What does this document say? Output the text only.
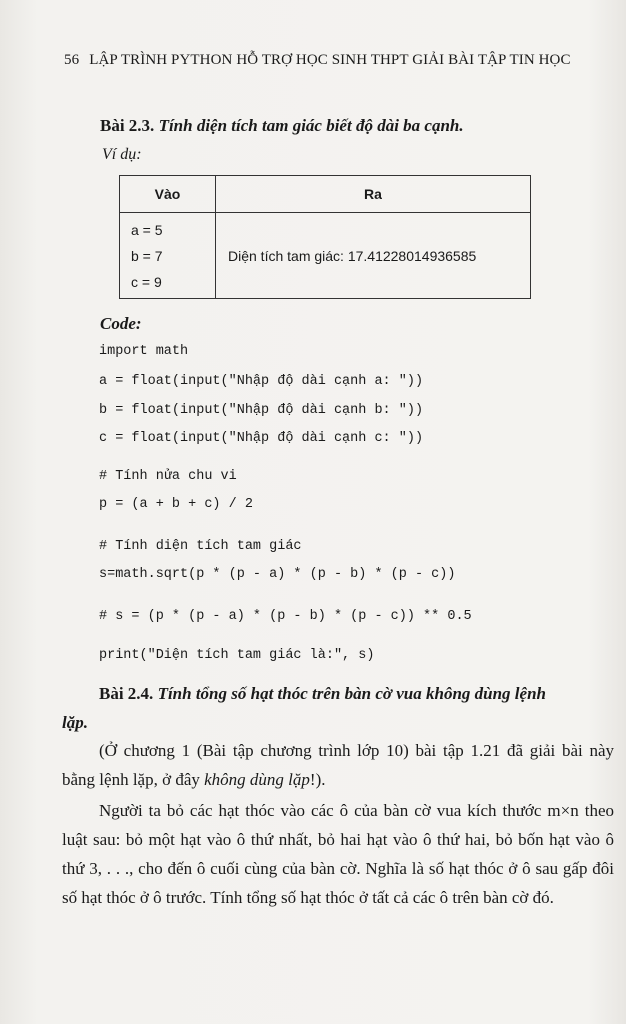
56 LẬP TRÌNH PYTHON HỖ TRỢ HỌC SINH THPT GIẢI BÀI TẬP TIN HỌC
Bài 2.3. Tính diện tích tam giác biết độ dài ba cạnh.
Ví dụ:
Vào	Ra

a = 5
b = 7
c = 9	Diện tích tam giác: 17.41228014936585
Code:
import math
a = float(input("Nhập độ dài cạnh a: "))
b = float(input("Nhập độ dài cạnh b: "))
c = float(input("Nhập độ dài cạnh c: "))
# Tính nửa chu vi
p = (a + b + c) / 2
# Tính diện tích tam giác
s=math.sqrt(p * (p - a) * (p - b) * (p - c))
# s = (p * (p - a) * (p - b) * (p - c)) ** 0.5
print("Diện tích tam giác là:", s)
Bài 2.4. Tính tổng số hạt thóc trên bàn cờ vua không dùng lệnh
lặp.
(Ở chương 1 (Bài tập chương trình lớp 10) bài tập 1.21 đã giải bài này bằng lệnh lặp, ở đây không dùng lặp!).
Người ta bỏ các hạt thóc vào các ô của bàn cờ vua kích thước m×n theo luật sau: bỏ một hạt vào ô thứ nhất, bỏ hai hạt vào ô thứ hai, bỏ bốn hạt vào ô thứ 3, . . ., cho đến ô cuối cùng của bàn cờ. Nghĩa là số hạt thóc ở ô sau gấp đôi số hạt thóc ở ô trước. Tính tổng số hạt thóc ở tất cả các ô trên bàn cờ đó.
